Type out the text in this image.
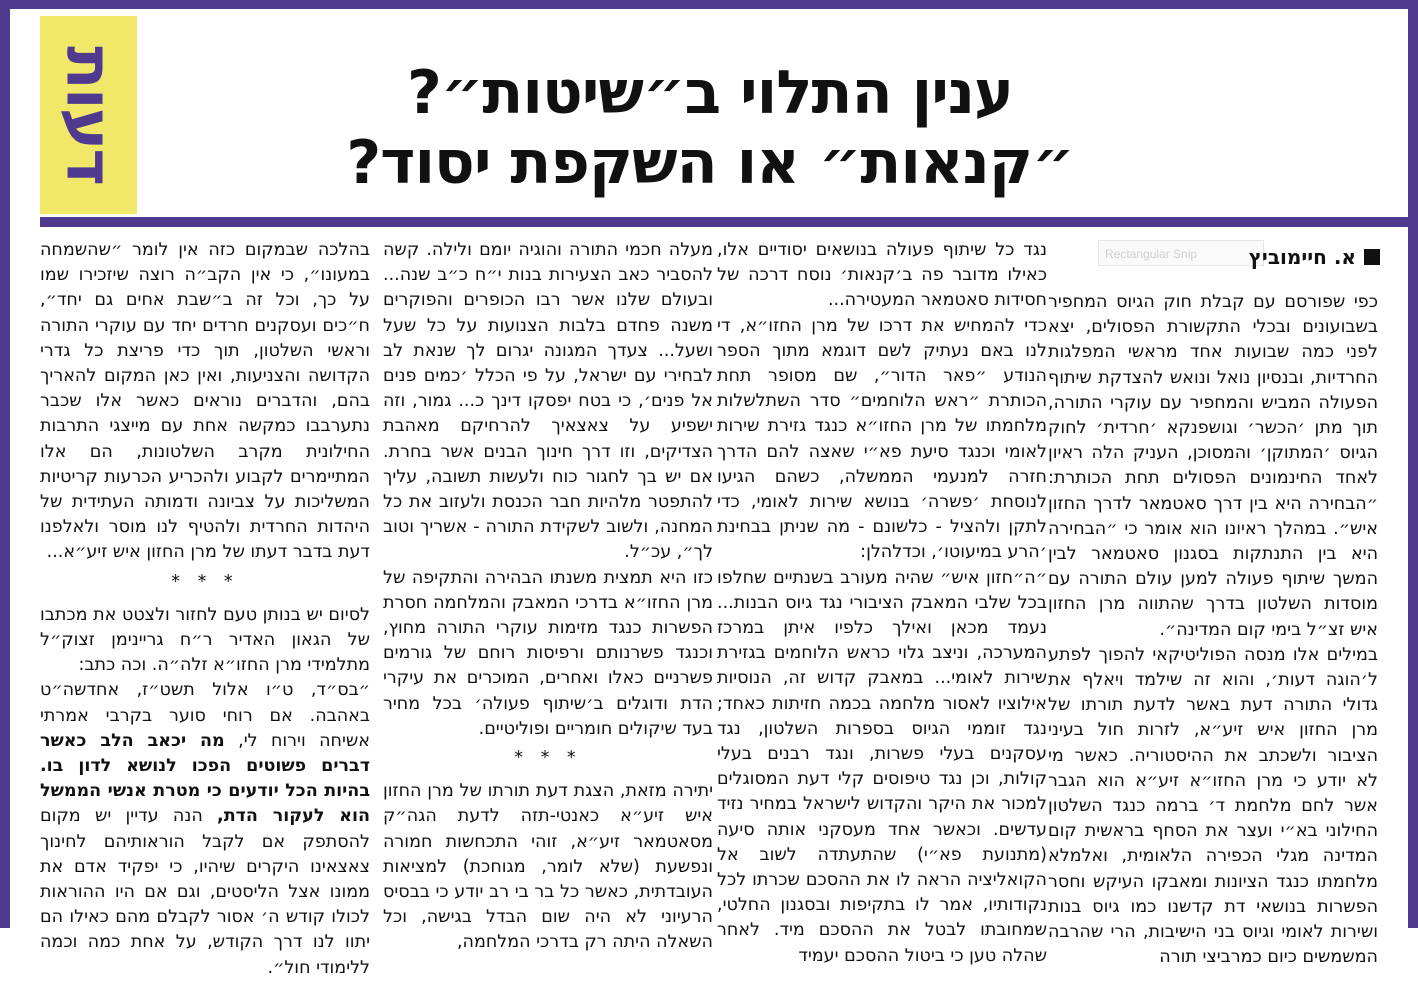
דעות	ענין התלוי ב״שיטות״?
״קנאות״ או השקפת יסוד?
Rectangular Snip	א. חיימוביץ

כפי שפורסם עם קבלת חוק הגיוס המחפיר בשבועונים ובכלי התקשורת הפסולים, יצא לפני כמה שבועות אחד מראשי המפלגות החרדיות, ובנסיון נואל ונואש להצדקת שיתוף הפעולה המביש והמחפיר עם עוקרי התורה, תוך מתן ׳הכשר׳ וגושפנקא ׳חרדית׳ לחוק הגיוס ׳המתוקן׳ והמסוכן, העניק הלה ראיון לאחד החינמונים הפסולים תחת הכותרת: ״הבחירה היא בין דרך סאטמאר לדרך החזון איש״. במהלך ראיונו הוא אומר כי ״הבחירה היא בין התנתקות בסגנון סאטמאר לבין המשך שיתוף פעולה למען עולם התורה עם מוסדות השלטון בדרך שהתווה מרן החזון איש זצ״ל בימי קום המדינה״.

במילים אלו מנסה הפוליטיקאי להפוך לפתע ל׳הוגה דעות׳, והוא זה שילמד ויאלף את גדולי התורה דעת באשר לדעת תורתו של מרן החזון איש זיע״א, לזרות חול בעיני הציבור ולשכתב את ההיסטוריה. כאשר מי לא יודע כי מרן החזו״א זיע״א הוא הגבר אשר לחם מלחמת ד׳ ברמה כנגד השלטון החילוני בא״י ועצר את הסחף בראשית קום המדינה מגלי הכפירה הלאומית, ואלמלא מלחמתו כנגד הציונות ומאבקו העיקש וחסר הפשרות בנושאי דת קדשנו כמו גיוס בנות ושירות לאומי וגיוס בני הישיבות, הרי שהרבה המשמשים כיום כמרביצי תורה

נגד כל שיתוף פעולה בנושאים יסודיים אלו, כאילו מדובר פה ב׳קנאות׳ נוסח דרכה של חסידות סאטמאר המעטירה...

כדי להמחיש את דרכו של מרן החזו״א, די לנו באם נעתיק לשם דוגמא מתוך הספר הנודע ״פאר הדור״, שם מסופר תחת הכותרת ״ראש הלוחמים״ סדר השתלשלות מלחמתו של מרן החזו״א כנגד גזירת שירות לאומי וכנגד סיעת פא״י שאצה להם הדרך חזרה למנעמי הממשלה, כשהם הגיעו לנוסחת ׳פשרה׳ בנושא שירות לאומי, כדי לתקן ולהציל - כלשונם - מה שניתן בבחינת ׳הרע במיעוטו׳, וכדלהלן:

״ה״חזון איש״ שהיה מעורב בשנתיים שחלפו בכל שלבי המאבק הציבורי נגד גיוס הבנות... נעמד מכאן ואילך כלפיו איתן במרכז המערכה, וניצב גלוי כראש הלוחמים בגזירת שירות לאומי... במאבק קדוש זה, הנוסיות אילוציו לאסור מלחמה בכמה חזיתות כאחד; נגד זוממי הגיוס בספרות השלטון, נגד עסקנים בעלי פשרות, ונגד רבנים בעלי קולות, וכן נגד טיפוסים קלי דעת המסוגלים למכור את היקר והקדוש לישראל במחיר נזיד עדשים. וכאשר אחד מעסקני אותה סיעה (מתנועת פא״י) שהתעתדה לשוב אל הקואליציה הראה לו את ההסכם שכרתו לכל נקודותיו, אמר לו בתקיפות ובסגנון החלטי, שמחובתו לבטל את ההסכם מיד. לאחר שהלה טען כי ביטול ההסכם יעמיד

מעלה חכמי התורה והוגיה יומם ולילה. קשה להסביר כאב הצעירות בנות י״ח כ״ב שנה... ובעולם שלנו אשר רבו הכופרים והפוקרים משנה פחדם בלבות הצנועות על כל שעל ושעל... צעדך המגונה יגרום לך שנאת לב לבחירי עם ישראל, על פי הכלל ׳כמים פנים אל פנים׳, כי בטח יפסקו דינך כ... גמור, וזה ישפיע על צאצאיך להרחיקם מאהבת הצדיקים, וזו דרך חינוך הבנים אשר בחרת. אם יש בך לחגור כוח ולעשות תשובה, עליך להתפטר מלהיות חבר הכנסת ולעזוב את כל המחנה, ולשוב לשקידת התורה - אשריך וטוב לך״, עכ״ל.

כזו היא תמצית משנתו הבהירה והתקיפה של מרן החזו״א בדרכי המאבק והמלחמה חסרת הפשרות כנגד מזימות עוקרי התורה מחוץ, וכנגד פשרנותם ורפיסות רוחם של גורמים פשרניים כאלו ואחרים, המוכרים את עיקרי הדת ודוגלים ב׳שיתוף פעולה׳ בכל מחיר בעד שיקולים חומריים ופוליטיים.

* * *

יתירה מזאת, הצגת דעת תורתו של מרן החזון איש זיע״א כאנטי-תזה לדעת הגה״ק מסאטמאר זיע״א, זוהי התכחשות חמורה ונפשעת (שלא לומר, מגוחכת) למציאות העובדתית, כאשר כל בר בי רב יודע כי בבסיס הרעיוני לא היה שום הבדל בגישה, וכל השאלה היתה רק בדרכי המלחמה,

בהלכה שבמקום כזה אין לומר ״שהשמחה במעונו״, כי אין הקב״ה רוצה שיזכירו שמו על כך, וכל זה ב״שבת אחים גם יחד״, ח״כים ועסקנים חרדים יחד עם עוקרי התורה וראשי השלטון, תוך כדי פריצת כל גדרי הקדושה והצניעות, ואין כאן המקום להאריך בהם, והדברים נוראים כאשר אלו שכבר נתערבבו כמקשה אחת עם מייצגי התרבות החילונית מקרב השלטונות, הם אלו המתיימרים לקבוע ולהכריע הכרעות קריטיות המשליכות על צביונה ודמותה העתידית של היהדות החרדית ולהטיף לנו מוסר ולאלפנו דעת בדבר דעתו של מרן החזון איש זיע״א...

* * *

לסיום יש בנותן טעם לחזור ולצטט את מכתבו של הגאון האדיר ר״ח גריינימן זצוק״ל מתלמידי מרן החזו״א זלה״ה. וכה כתב:

״בס״ד, ט״ו אלול תשט״ז, אחדשה״ט באהבה. אם רוחי סוער בקרבי אמרתי אשיחה וירוח לי, מה יכאב הלב כאשר דברים פשוטים הפכו לנושא לדון בו. בהיות הכל יודעים כי מטרת אנשי הממשל הוא לעקור הדת, הנה עדיין יש מקום להסתפק אם לקבל הוראותיהם לחינוך צאצאינו היקרים שיהיו, כי יפקיד אדם את ממונו אצל הליסטים, וגם אם היו ההוראות לכולו קודש ה׳ אסור לקבלם מהם כאילו הם יתוו לנו דרך הקודש, על אחת כמה וכמה ללימודי חול״.
